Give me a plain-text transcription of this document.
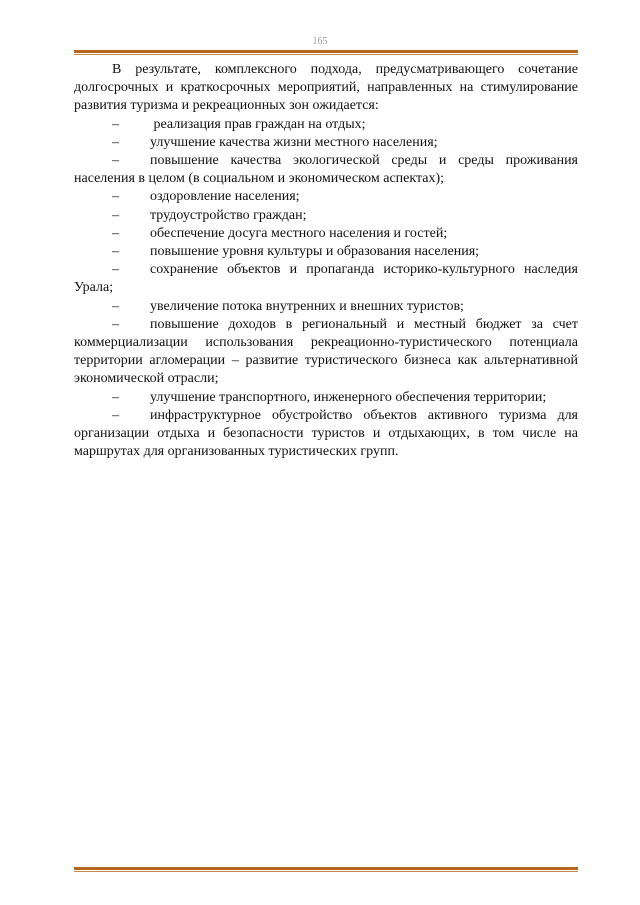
165

В результате, комплексного подхода, предусматривающего сочетание долгосрочных и краткосрочных мероприятий, направленных на стимулирование развития туризма и рекреационных зон ожидается:

– реализация прав граждан на отдых;

– улучшение качества жизни местного населения;

– повышение качества экологической среды и среды проживания населения в целом (в социальном и экономическом аспектах);

– оздоровление населения;

– трудоустройство граждан;

– обеспечение досуга местного населения и гостей;

– повышение уровня культуры и образования населения;

– сохранение объектов и пропаганда историко-культурного наследия Урала;

– увеличение потока внутренних и внешних туристов;

– повышение доходов в региональный и местный бюджет за счет коммерциализации использования рекреационно-туристического потенциала территории агломерации – развитие туристического бизнеса как альтернативной экономической отрасли;

– улучшение транспортного, инженерного обеспечения территории;

– инфраструктурное обустройство объектов активного туризма для организации отдыха и безопасности туристов и отдыхающих, в том числе на маршрутах для организованных туристических групп.
